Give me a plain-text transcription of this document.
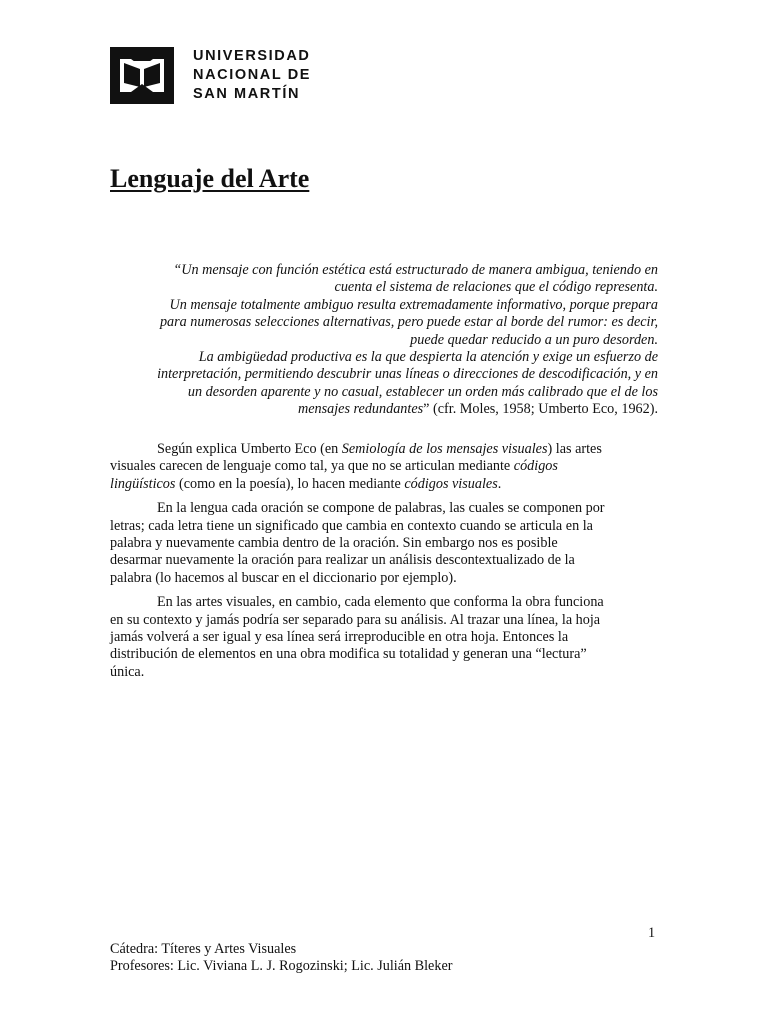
UNIVERSIDAD
NACIONAL DE
SAN MARTÍN
Lenguaje del Arte
“Un mensaje con función estética está estructurado de manera ambigua, teniendo en
cuenta el sistema de relaciones que el código representa.
Un mensaje totalmente ambiguo resulta extremadamente informativo, porque prepara
para numerosas selecciones alternativas, pero puede estar al borde del rumor: es decir,
puede quedar reducido a un puro desorden.
La ambigüedad productiva es la que despierta la atención y exige un esfuerzo de
interpretación, permitiendo descubrir unas líneas o direcciones de descodificación, y en
un desorden aparente y no casual, establecer un orden más calibrado que el de los
mensajes redundantes” (cfr. Moles, 1958; Umberto Eco, 1962).
Según explica Umberto Eco (en Semiología de los mensajes visuales) las artes
visuales carecen de lenguaje como tal, ya que no se articulan mediante códigos
lingüísticos (como en la poesía), lo hacen mediante códigos visuales.
En la lengua cada oración se compone de palabras, las cuales se componen por
letras; cada letra tiene un significado que cambia en contexto cuando se articula en la
palabra y nuevamente cambia dentro de la oración. Sin embargo nos es posible
desarmar nuevamente la oración para realizar un análisis descontextualizado de la
palabra (lo hacemos al buscar en el diccionario por ejemplo).
En las artes visuales, en cambio, cada elemento que conforma la obra funciona
en su contexto y jamás podría ser separado para su análisis. Al trazar una línea, la hoja
jamás volverá a ser igual y esa línea será irreproducible en otra hoja. Entonces la
distribución de elementos en una obra modifica su totalidad y generan una “lectura”
única.
1
Cátedra: Títeres y Artes Visuales
Profesores: Lic. Viviana L. J. Rogozinski; Lic. Julián Bleker
